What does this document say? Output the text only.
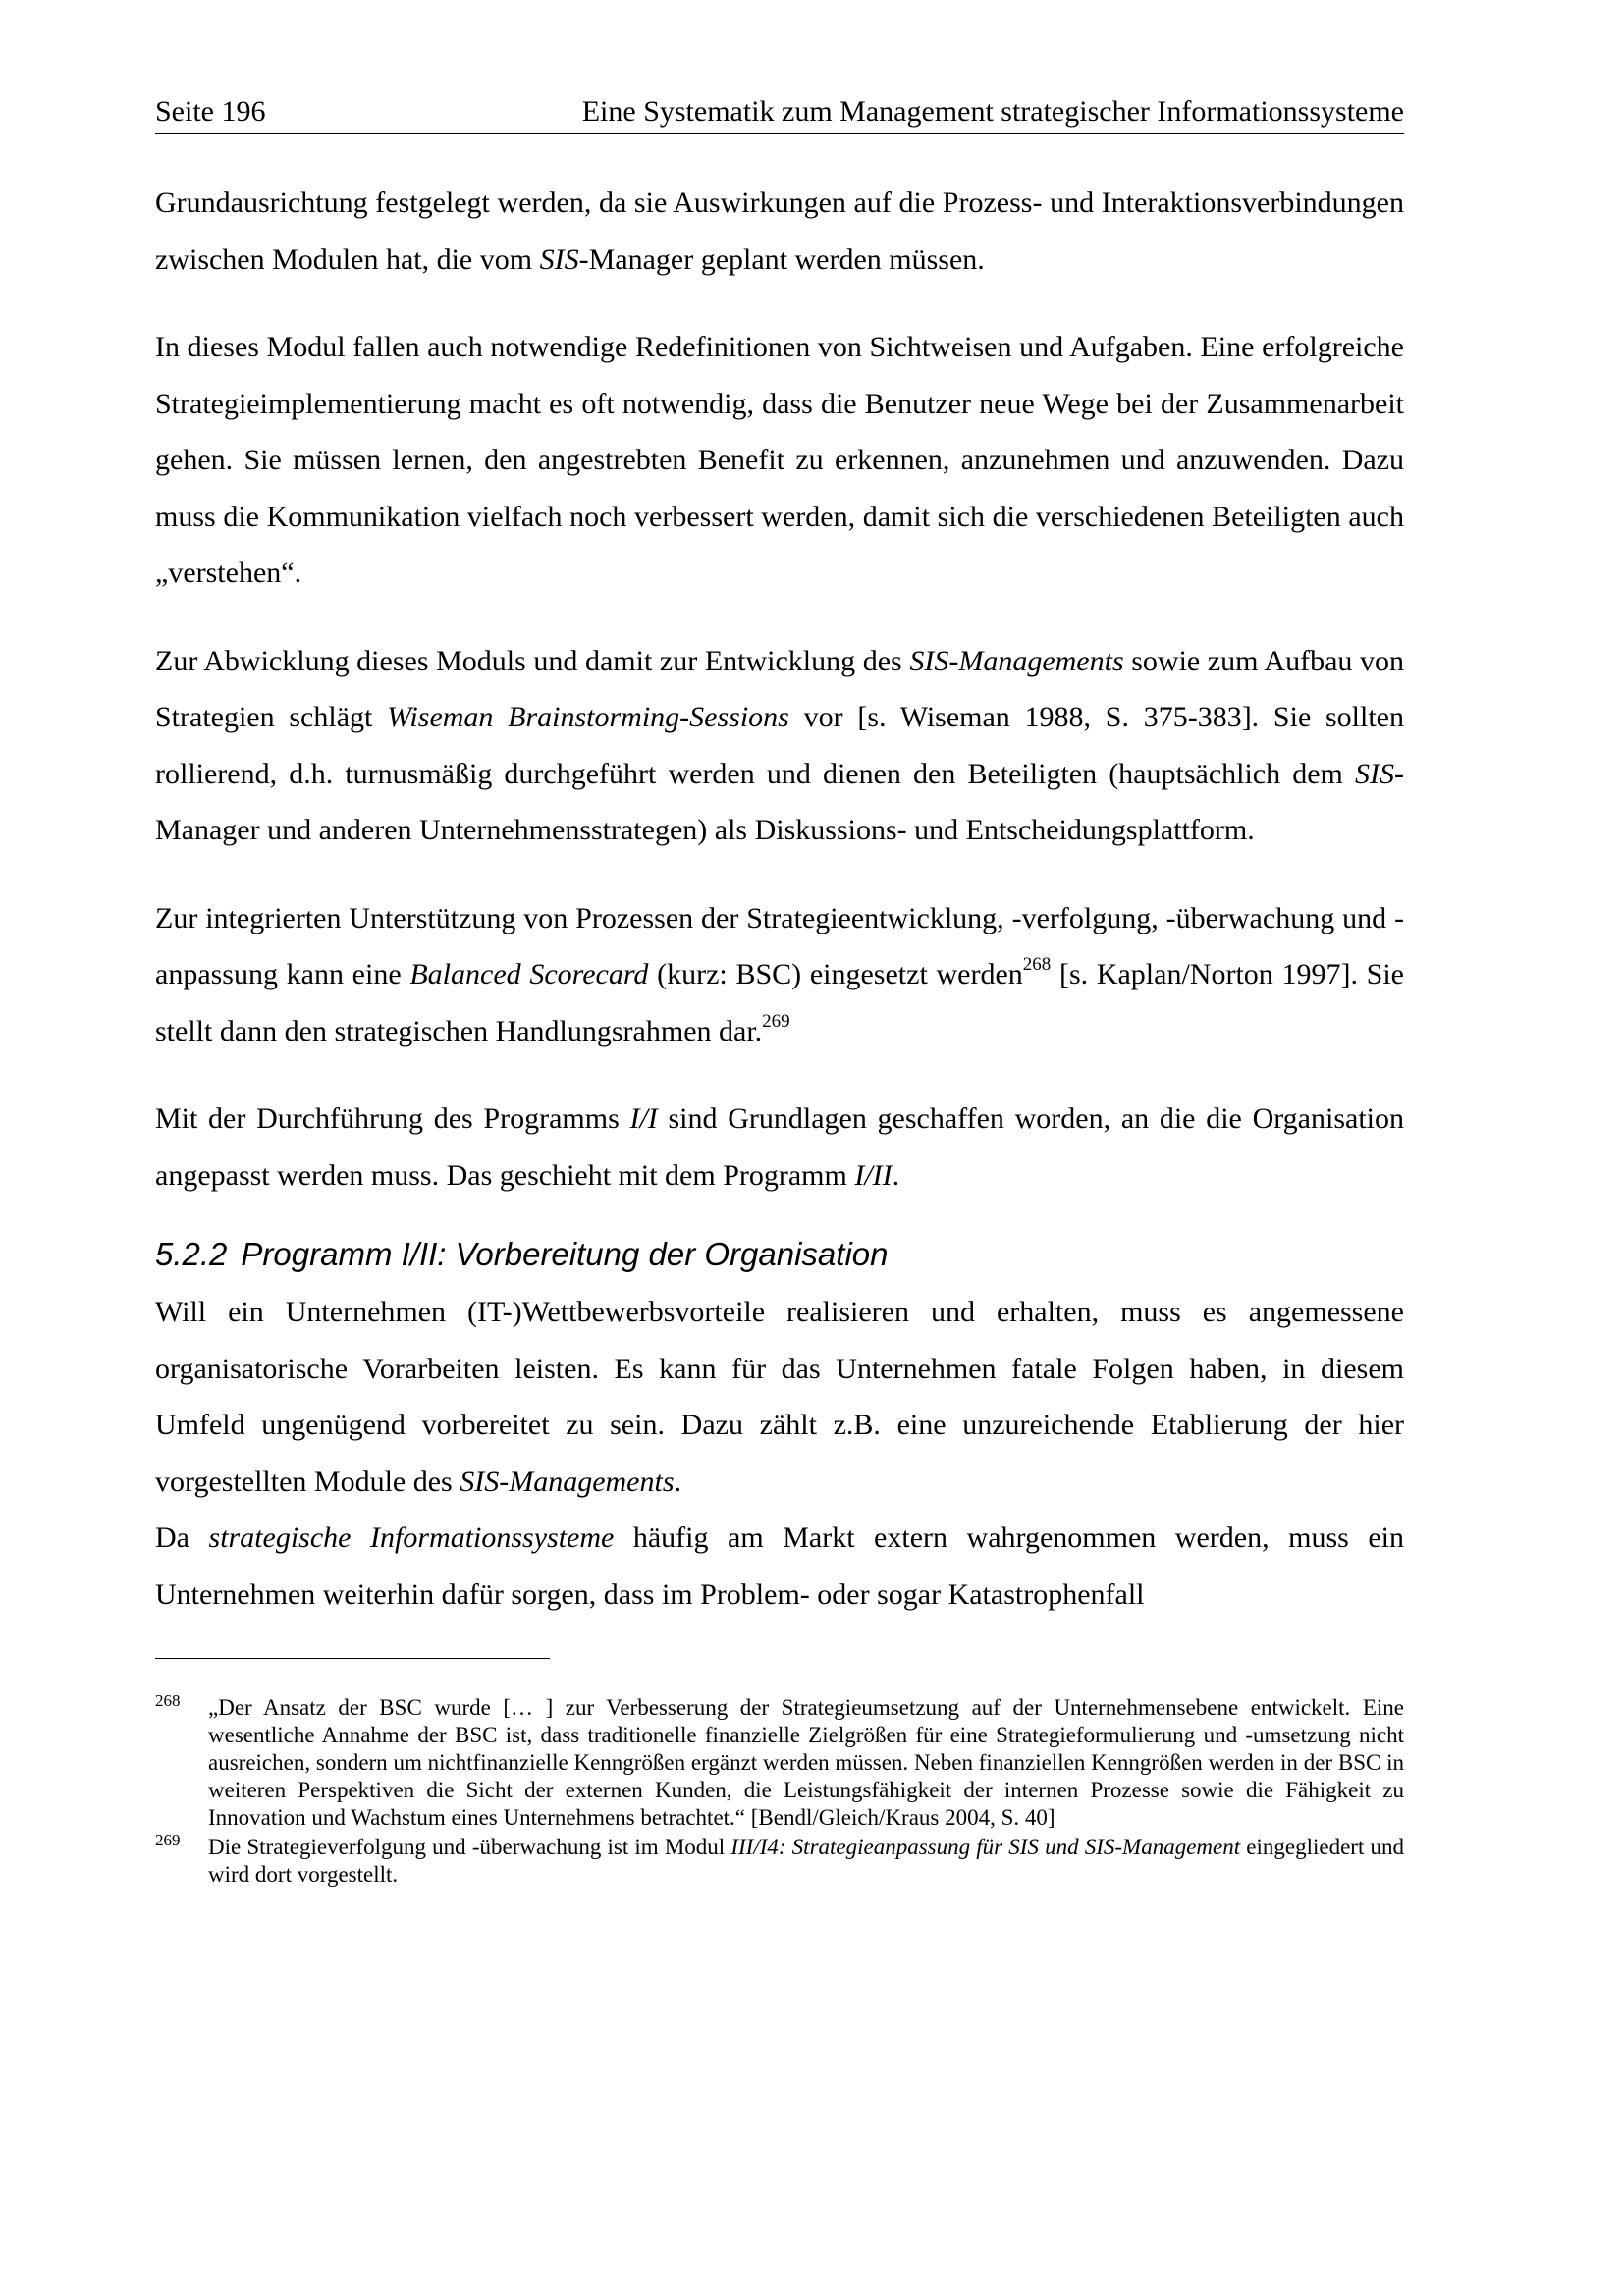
Seite 196	Eine Systematik zum Management strategischer Informationssysteme

Grundausrichtung festgelegt werden, da sie Auswirkungen auf die Prozess- und Interaktionsverbindungen zwischen Modulen hat, die vom SIS-Manager geplant werden müssen.

In dieses Modul fallen auch notwendige Redefinitionen von Sichtweisen und Aufgaben. Eine erfolgreiche Strategieimplementierung macht es oft notwendig, dass die Benutzer neue Wege bei der Zusammenarbeit gehen. Sie müssen lernen, den angestrebten Benefit zu erkennen, anzunehmen und anzuwenden. Dazu muss die Kommunikation vielfach noch verbessert werden, damit sich die verschiedenen Beteiligten auch „verstehen“.

Zur Abwicklung dieses Moduls und damit zur Entwicklung des SIS-Managements sowie zum Aufbau von Strategien schlägt Wiseman Brainstorming-Sessions vor [s. Wiseman 1988, S. 375-383]. Sie sollten rollierend, d.h. turnusmäßig durchgeführt werden und dienen den Beteiligten (hauptsächlich dem SIS-Manager und anderen Unternehmensstrategen) als Diskussions- und Entscheidungsplattform.

Zur integrierten Unterstützung von Prozessen der Strategieentwicklung, -verfolgung, -überwachung und -anpassung kann eine Balanced Scorecard (kurz: BSC) eingesetzt werden$^{268}$ [s. Kaplan/Norton 1997]. Sie stellt dann den strategischen Handlungsrahmen dar.$^{269}$

Mit der Durchführung des Programms I/I sind Grundlagen geschaffen worden, an die die Organisation angepasst werden muss. Das geschieht mit dem Programm I/II.

5.2.2 Programm I/II: Vorbereitung der Organisation

Will ein Unternehmen (IT-)Wettbewerbsvorteile realisieren und erhalten, muss es angemessene organisatorische Vorarbeiten leisten. Es kann für das Unternehmen fatale Folgen haben, in diesem Umfeld ungenügend vorbereitet zu sein. Dazu zählt z.B. eine unzureichende Etablierung der hier vorgestellten Module des SIS-Managements.

Da strategische Informationssysteme häufig am Markt extern wahrgenommen werden, muss ein Unternehmen weiterhin dafür sorgen, dass im Problem- oder sogar Katastrophenfall

268	„Der Ansatz der BSC wurde [… ] zur Verbesserung der Strategieumsetzung auf der Unternehmensebene entwickelt. Eine wesentliche Annahme der BSC ist, dass traditionelle finanzielle Zielgrößen für eine Strategieformulierung und -umsetzung nicht ausreichen, sondern um nichtfinanzielle Kenngrößen ergänzt werden müssen. Neben finanziellen Kenngrößen werden in der BSC in weiteren Perspektiven die Sicht der externen Kunden, die Leistungsfähigkeit der internen Prozesse sowie die Fähigkeit zu Innovation und Wachstum eines Unternehmens betrachtet.“ [Bendl/Gleich/Kraus 2004, S. 40]
269	Die Strategieverfolgung und -überwachung ist im Modul III/I4: Strategieanpassung für SIS und SIS-Management eingegliedert und wird dort vorgestellt.
